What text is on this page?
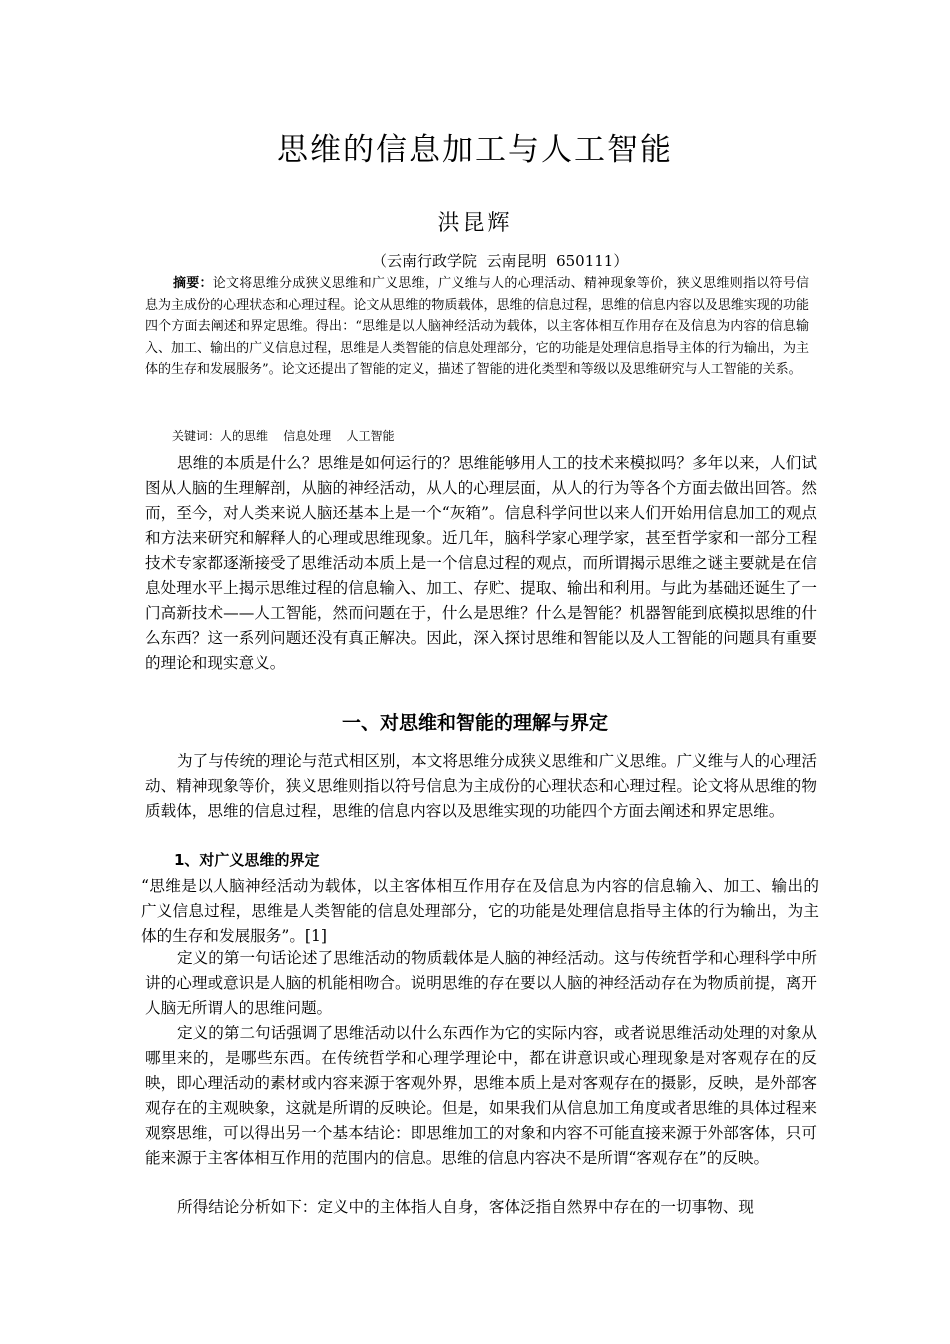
思维的信息加工与人工智能
洪昆辉
（云南行政学院  云南昆明  650111）
摘要：论文将思维分成狭义思维和广义思维，广义维与人的心理活动、精神现象等价，狭义思维则指以符号信息为主成份的心理状态和心理过程。论文从思维的物质载体，思维的信息过程，思维的信息内容以及思维实现的功能四个方面去阐述和界定思维。得出：“思维是以人脑神经活动为载体，以主客体相互作用存在及信息为内容的信息输入、加工、输出的广义信息过程，思维是人类智能的信息处理部分，它的功能是处理信息指导主体的行为输出，为主体的生存和发展服务”。论文还提出了智能的定义，描述了智能的进化类型和等级以及思维研究与人工智能的关系。
关键词：人的思维    信息处理    人工智能
思维的本质是什么？思维是如何运行的？思维能够用人工的技术来模拟吗？多年以来，人们试图从人脑的生理解剖，从脑的神经活动，从人的心理层面，从人的行为等各个方面去做出回答。然而，至今，对人类来说人脑还基本上是一个“灰箱”。信息科学问世以来人们开始用信息加工的观点和方法来研究和解释人的心理或思维现象。近几年，脑科学家心理学家，甚至哲学家和一部分工程技术专家都逐渐接受了思维活动本质上是一个信息过程的观点，而所谓揭示思维之谜主要就是在信息处理水平上揭示思维过程的信息输入、加工、存贮、提取、输出和利用。与此为基础还诞生了一门高新技术——人工智能，然而问题在于，什么是思维？什么是智能？机器智能到底模拟思维的什么东西？这一系列问题还没有真正解决。因此，深入探讨思维和智能以及人工智能的问题具有重要的理论和现实意义。
一、对思维和智能的理解与界定
为了与传统的理论与范式相区别，本文将思维分成狭义思维和广义思维。广义维与人的心理活动、精神现象等价，狭义思维则指以符号信息为主成份的心理状态和心理过程。论文将从思维的物质载体，思维的信息过程，思维的信息内容以及思维实现的功能四个方面去阐述和界定思维。
1、对广义思维的界定
“思维是以人脑神经活动为载体，以主客体相互作用存在及信息为内容的信息输入、加工、输出的广义信息过程，思维是人类智能的信息处理部分，它的功能是处理信息指导主体的行为输出，为主体的生存和发展服务”。[1]
定义的第一句话论述了思维活动的物质载体是人脑的神经活动。这与传统哲学和心理科学中所讲的心理或意识是人脑的机能相吻合。说明思维的存在要以人脑的神经活动存在为物质前提，离开人脑无所谓人的思维问题。
定义的第二句话强调了思维活动以什么东西作为它的实际内容，或者说思维活动处理的对象从哪里来的，是哪些东西。在传统哲学和心理学理论中，都在讲意识或心理现象是对客观存在的反映，即心理活动的素材或内容来源于客观外界，思维本质上是对客观存在的摄影，反映，是外部客观存在的主观映象，这就是所谓的反映论。但是，如果我们从信息加工角度或者思维的具体过程来观察思维，可以得出另一个基本结论：即思维加工的对象和内容不可能直接来源于外部客体，只可能来源于主客体相互作用的范围内的信息。思维的信息内容决不是所谓“客观存在”的反映。
所得结论分析如下：定义中的主体指人自身，客体泛指自然界中存在的一切事物、现
